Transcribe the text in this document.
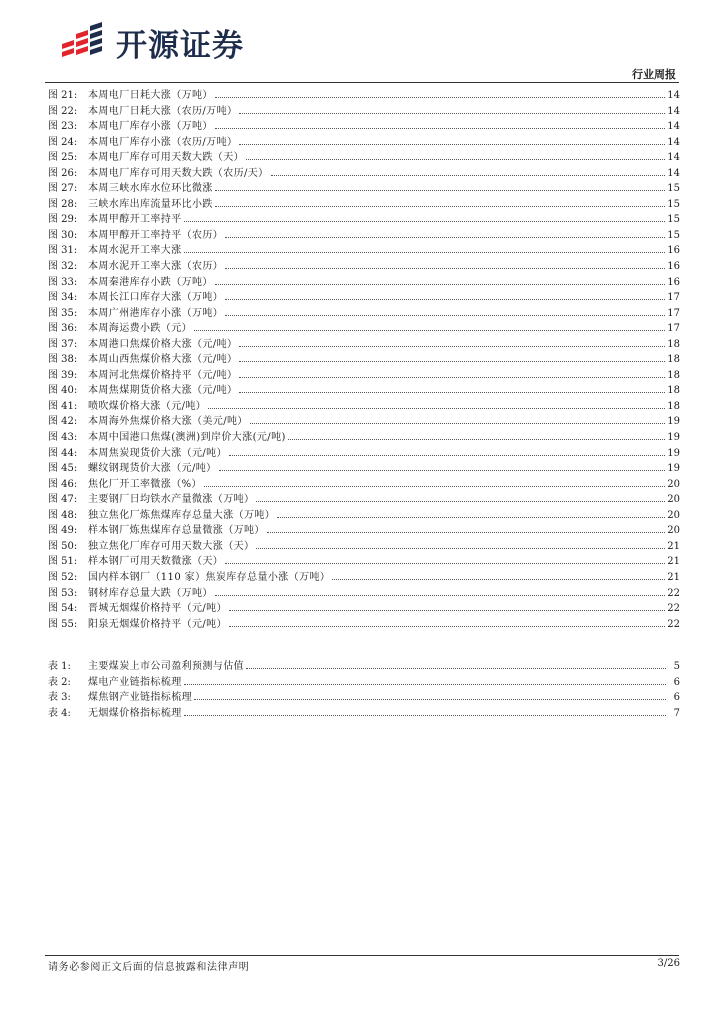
开源证券
行业周报
图 21:	本周电厂日耗大涨（万吨）	14
图 22:	本周电厂日耗大涨（农历/万吨）	14
图 23:	本周电厂库存小涨（万吨）	14
图 24:	本周电厂库存小涨（农历/万吨）	14
图 25:	本周电厂库存可用天数大跌（天）	14
图 26:	本周电厂库存可用天数大跌（农历/天）	14
图 27:	本周三峡水库水位环比微涨	15
图 28:	三峡水库出库流量环比小跌	15
图 29:	本周甲醇开工率持平	15
图 30:	本周甲醇开工率持平（农历）	15
图 31:	本周水泥开工率大涨	16
图 32:	本周水泥开工率大涨（农历）	16
图 33:	本周秦港库存小跌（万吨）	16
图 34:	本周长江口库存大涨（万吨）	17
图 35:	本周广州港库存小涨（万吨）	17
图 36:	本周海运费小跌（元）	17
图 37:	本周港口焦煤价格大涨（元/吨）	18
图 38:	本周山西焦煤价格大涨（元/吨）	18
图 39:	本周河北焦煤价格持平（元/吨）	18
图 40:	本周焦煤期货价格大涨（元/吨）	18
图 41:	喷吹煤价格大涨（元/吨）	18
图 42:	本周海外焦煤价格大涨（美元/吨）	19
图 43:	本周中国港口焦煤(澳洲)到岸价大涨(元/吨)	19
图 44:	本周焦炭现货价大涨（元/吨）	19
图 45:	螺纹钢现货价大涨（元/吨）	19
图 46:	焦化厂开工率微涨（%）	20
图 47:	主要钢厂日均铁水产量微涨（万吨）	20
图 48:	独立焦化厂炼焦煤库存总量大涨（万吨）	20
图 49:	样本钢厂炼焦煤库存总量微涨（万吨）	20
图 50:	独立焦化厂库存可用天数大涨（天）	21
图 51:	样本钢厂可用天数微涨（天）	21
图 52:	国内样本钢厂（110 家）焦炭库存总量小涨（万吨）	21
图 53:	钢材库存总量大跌（万吨）	22
图 54:	晋城无烟煤价格持平（元/吨）	22
图 55:	阳泉无烟煤价格持平（元/吨）	22
表 1:	主要煤炭上市公司盈利预测与估值	5
表 2:	煤电产业链指标梳理	6
表 3:	煤焦钢产业链指标梳理	6
表 4:	无烟煤价格指标梳理	7
请务必参阅正文后面的信息披露和法律声明	3/26
